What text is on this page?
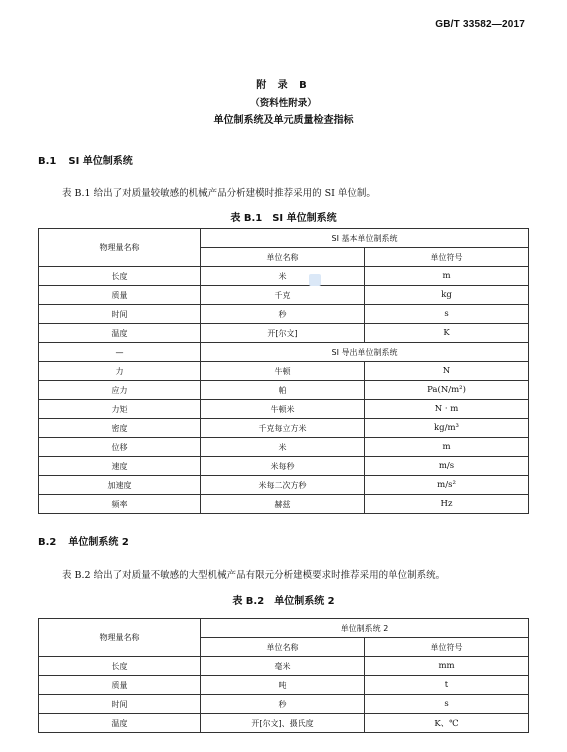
GB/T 33582—2017
附 录 B
（资料性附录）
单位制系统及单元质量检查指标
B.1 SI 单位制系统
表 B.1 给出了对质量较敏感的机械产品分析建模时推荐采用的 SI 单位制。
表 B.1 SI 单位制系统
物理量名称	SI 基本单位制系统	
	单位名称	单位符号
长度	米	m
质量	千克	kg
时间	秒	s
温度	开[尔文]	K
—	SI 导出单位制系统	
力	牛顿	N
应力	帕	Pa(N/m²)
力矩	牛顿米	N · m
密度	千克每立方米	kg/m³
位移	米	m
速度	米每秒	m/s
加速度	米每二次方秒	m/s²
频率	赫兹	Hz
B.2 单位制系统 2
表 B.2 给出了对质量不敏感的大型机械产品有限元分析建模要求时推荐采用的单位制系统。
表 B.2 单位制系统 2
物理量名称	单位制系统 2	
	单位名称	单位符号
长度	毫米	mm
质量	吨	t
时间	秒	s
温度	开[尔文]、摄氏度	K、℃
